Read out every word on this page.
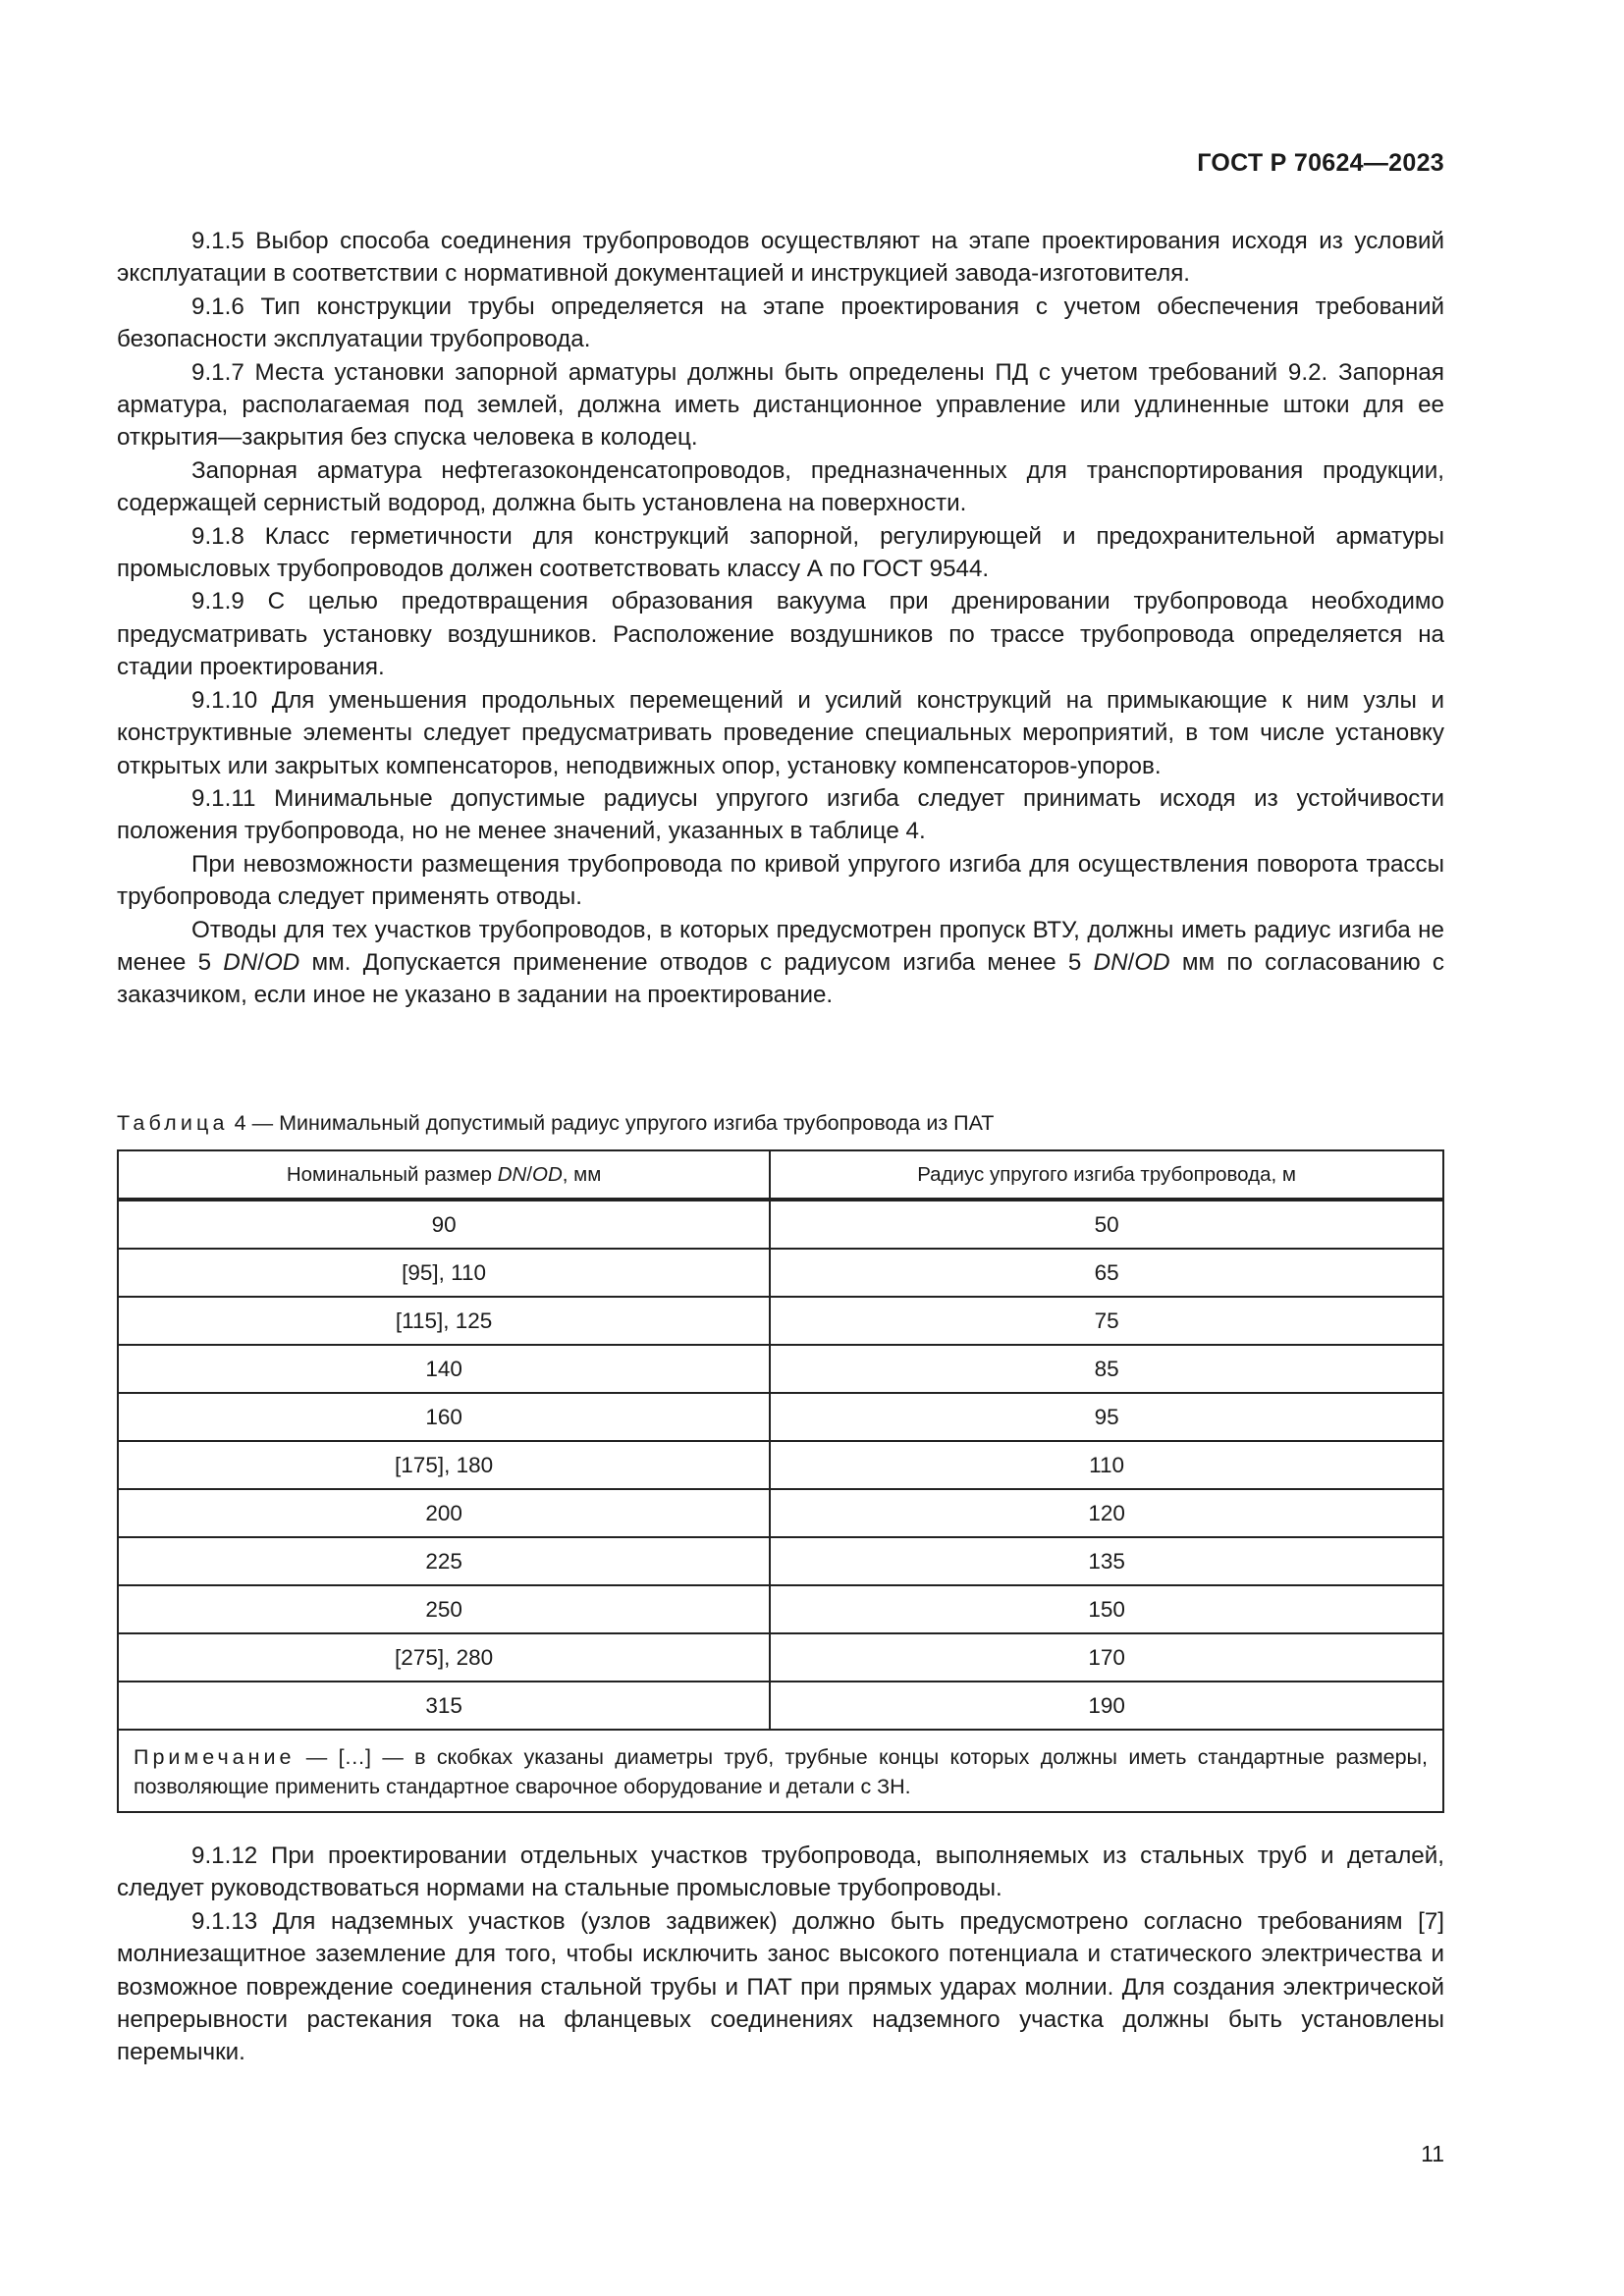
ГОСТ Р 70624—2023

9.1.5 Выбор способа соединения трубопроводов осуществляют на этапе проектирования исходя из условий эксплуатации в соответствии с нормативной документацией и инструкцией завода-изготовителя.

9.1.6 Тип конструкции трубы определяется на этапе проектирования с учетом обеспечения требований безопасности эксплуатации трубопровода.

9.1.7 Места установки запорной арматуры должны быть определены ПД с учетом требований 9.2. Запорная арматура, располагаемая под землей, должна иметь дистанционное управление или удлиненные штоки для ее открытия—закрытия без спуска человека в колодец.

Запорная арматура нефтегазоконденсатопроводов, предназначенных для транспортирования продукции, содержащей сернистый водород, должна быть установлена на поверхности.

9.1.8 Класс герметичности для конструкций запорной, регулирующей и предохранительной арматуры промысловых трубопроводов должен соответствовать классу А по ГОСТ 9544.

9.1.9 С целью предотвращения образования вакуума при дренировании трубопровода необходимо предусматривать установку воздушников. Расположение воздушников по трассе трубопровода определяется на стадии проектирования.

9.1.10 Для уменьшения продольных перемещений и усилий конструкций на примыкающие к ним узлы и конструктивные элементы следует предусматривать проведение специальных мероприятий, в том числе установку открытых или закрытых компенсаторов, неподвижных опор, установку компенсаторов-упоров.

9.1.11 Минимальные допустимые радиусы упругого изгиба следует принимать исходя из устойчивости положения трубопровода, но не менее значений, указанных в таблице 4.

При невозможности размещения трубопровода по кривой упругого изгиба для осуществления поворота трассы трубопровода следует применять отводы.

Отводы для тех участков трубопроводов, в которых предусмотрен пропуск ВТУ, должны иметь радиус изгиба не менее 5 DN/OD мм. Допускается применение отводов с радиусом изгиба менее 5 DN/OD мм по согласованию с заказчиком, если иное не указано в задании на проектирование.

Таблица 4 — Минимальный допустимый радиус упругого изгиба трубопровода из ПАТ
Номинальный размер DN/OD, мм	Радиус упругого изгиба трубопровода, м
90	50
[95], 110	65
[115], 125	75
140	85
160	95
[175], 180	110
200	120
225	135
250	150
[275], 280	170
315	190
Примечание — […] — в скобках указаны диаметры труб, трубные концы которых должны иметь стандартные размеры, позволяющие применить стандартное сварочное оборудование и детали с ЗН.	

9.1.12 При проектировании отдельных участков трубопровода, выполняемых из стальных труб и деталей, следует руководствоваться нормами на стальные промысловые трубопроводы.

9.1.13 Для надземных участков (узлов задвижек) должно быть предусмотрено согласно требованиям [7] молниезащитное заземление для того, чтобы исключить занос высокого потенциала и статического электричества и возможное повреждение соединения стальной трубы и ПАТ при прямых ударах молнии. Для создания электрической непрерывности растекания тока на фланцевых соединениях надземного участка должны быть установлены перемычки.

11
